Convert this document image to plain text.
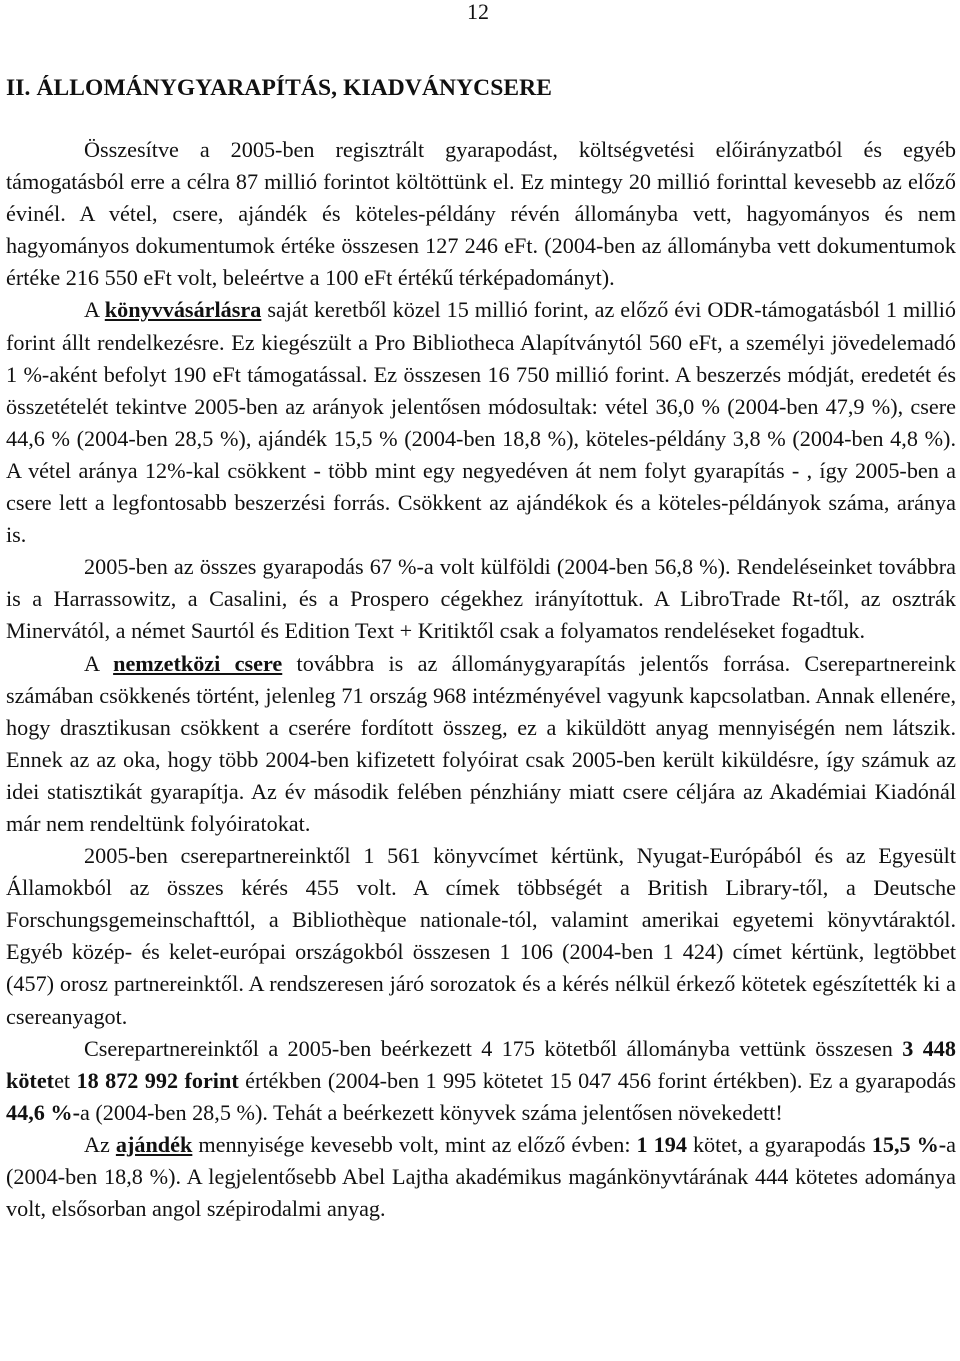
12
II. ÁLLOMÁNYGYARAPÍTÁS, KIADVÁNYCSERE

Összesítve a 2005-ben regisztrált gyarapodást, költségvetési előirányzatból és egyéb támogatásból erre a célra 87 millió forintot költöttünk el. Ez mintegy 20 millió forinttal kevesebb az előző évinél. A vétel, csere, ajándék és köteles-példány révén állományba vett, hagyományos és nem hagyományos dokumentumok értéke összesen 127 246 eFt. (2004-ben az állományba vett dokumentumok értéke 216 550 eFt volt, beleértve a 100 eFt értékű térképadományt).

A könyvvásárlásra saját keretből közel 15 millió forint, az előző évi ODR-támogatásból 1 millió forint állt rendelkezésre. Ez kiegészült a Pro Bibliotheca Alapítványtól 560 eFt, a személyi jövedelemadó 1 %-aként befolyt 190 eFt támogatással. Ez összesen 16 750 millió forint. A beszerzés módját, eredetét és összetételét tekintve 2005-ben az arányok jelentősen módosultak: vétel 36,0 % (2004-ben 47,9 %), csere 44,6 % (2004-ben 28,5 %), ajándék 15,5 % (2004-ben 18,8 %), köteles-példány 3,8 % (2004-ben 4,8 %). A vétel aránya 12%-kal csökkent - több mint egy negyedéven át nem folyt gyarapítás - , így 2005-ben a csere lett a legfontosabb beszerzési forrás. Csökkent az ajándékok és a köteles-példányok száma, aránya is.

2005-ben az összes gyarapodás 67 %-a volt külföldi (2004-ben 56,8 %). Rendeléseinket továbbra is a Harrassowitz, a Casalini, és a Prospero cégekhez irányítottuk. A LibroTrade Rt-től, az osztrák Minervától, a német Saurtól és Edition Text + Kritiktől csak a folyamatos rendeléseket fogadtuk.

A nemzetközi csere továbbra is az állománygyarapítás jelentős forrása. Cserepartnereink számában csökkenés történt, jelenleg 71 ország 968 intézményével vagyunk kapcsolatban. Annak ellenére, hogy drasztikusan csökkent a cserére fordított összeg, ez a kiküldött anyag mennyiségén nem látszik. Ennek az az oka, hogy több 2004-ben kifizetett folyóirat csak 2005-ben került kiküldésre, így számuk az idei statisztikát gyarapítja. Az év második felében pénzhiány miatt csere céljára az Akadémiai Kiadónál már nem rendeltünk folyóiratokat.

2005-ben cserepartnereinktől 1 561 könyvcímet kértünk, Nyugat-Európából és az Egyesült Államokból az összes kérés 455 volt. A címek többségét a British Library-től, a Deutsche Forschungsgemeinschafttól, a Bibliothèque nationale-tól, valamint amerikai egyetemi könyvtáraktól. Egyéb közép- és kelet-európai országokból összesen 1 106 (2004-ben 1 424) címet kértünk, legtöbbet (457) orosz partnereinktől. A rendszeresen járó sorozatok és a kérés nélkül érkező kötetek egészítették ki a csereanyagot.

Cserepartnereinktől a 2005-ben beérkezett 4 175 kötetből állományba vettünk összesen 3 448 kötetet 18 872 992 forint értékben (2004-ben 1 995 kötetet 15 047 456 forint értékben). Ez a gyarapodás 44,6 %-a (2004-ben 28,5 %). Tehát a beérkezett könyvek száma jelentősen növekedett!

Az ajándék mennyisége kevesebb volt, mint az előző évben: 1 194 kötet, a gyarapodás 15,5 %-a (2004-ben 18,8 %). A legjelentősebb Abel Lajtha akadémikus magánkönyvtárának 444 kötetes adománya volt, elsősorban angol szépirodalmi anyag.
